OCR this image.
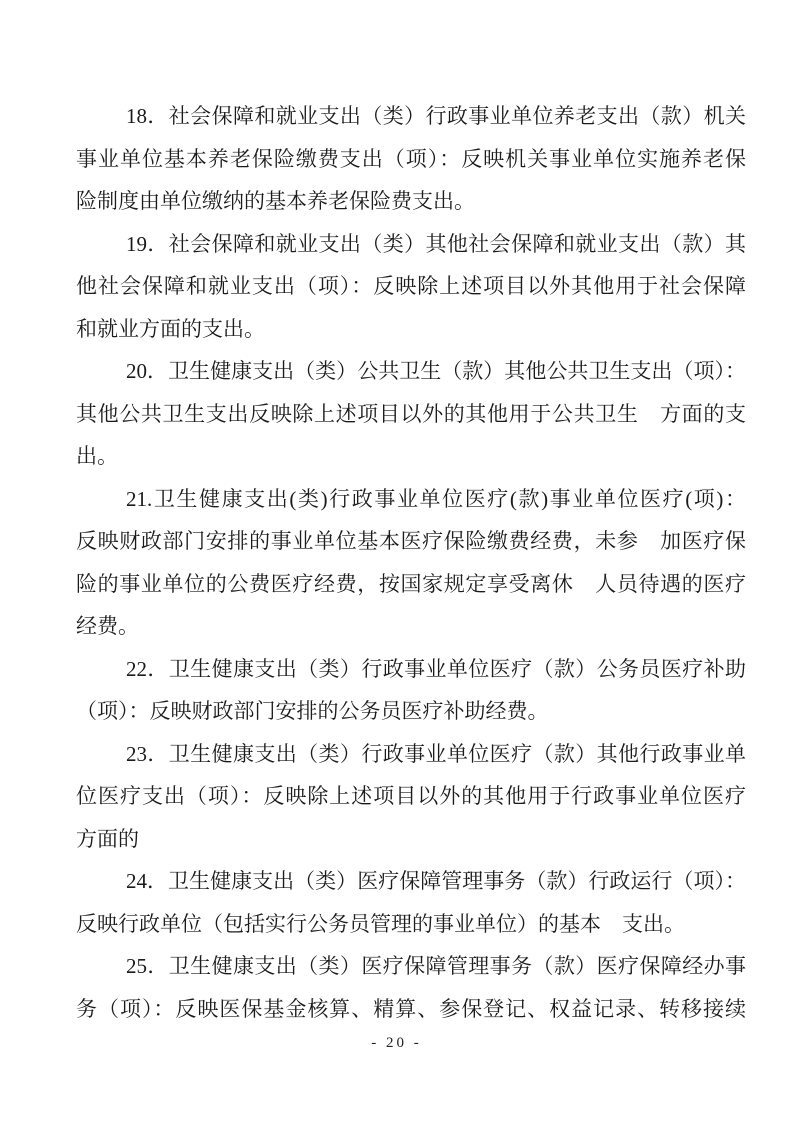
18．社会保障和就业支出（类）行政事业单位养老支出（款）机关
事业单位基本养老保险缴费支出（项）：反映机关事业单位实施养老保
险制度由单位缴纳的基本养老保险费支出。
19．社会保障和就业支出（类）其他社会保障和就业支出（款）其
他社会保障和就业支出（项）：反映除上述项目以外其他用于社会保障
和就业方面的支出。
20．卫生健康支出（类）公共卫生（款）其他公共卫生支出（项）：
其他公共卫生支出反映除上述项目以外的其他用于公共卫生　方面的支
出。
21.卫生健康支出(类)行政事业单位医疗(款)事业单位医疗(项)：
反映财政部门安排的事业单位基本医疗保险缴费经费，未参　加医疗保
险的事业单位的公费医疗经费，按国家规定享受离休　人员待遇的医疗
经费。
22．卫生健康支出（类）行政事业单位医疗（款）公务员医疗补助
（项）：反映财政部门安排的公务员医疗补助经费。
23．卫生健康支出（类）行政事业单位医疗（款）其他行政事业单
位医疗支出（项）：反映除上述项目以外的其他用于行政事业单位医疗
方面的
24．卫生健康支出（类）医疗保障管理事务（款）行政运行（项）：
反映行政单位（包括实行公务员管理的事业单位）的基本　支出。
25．卫生健康支出（类）医疗保障管理事务（款）医疗保障经办事
务（项）：反映医保基金核算、精算、参保登记、权益记录、转移接续
- 20 -
